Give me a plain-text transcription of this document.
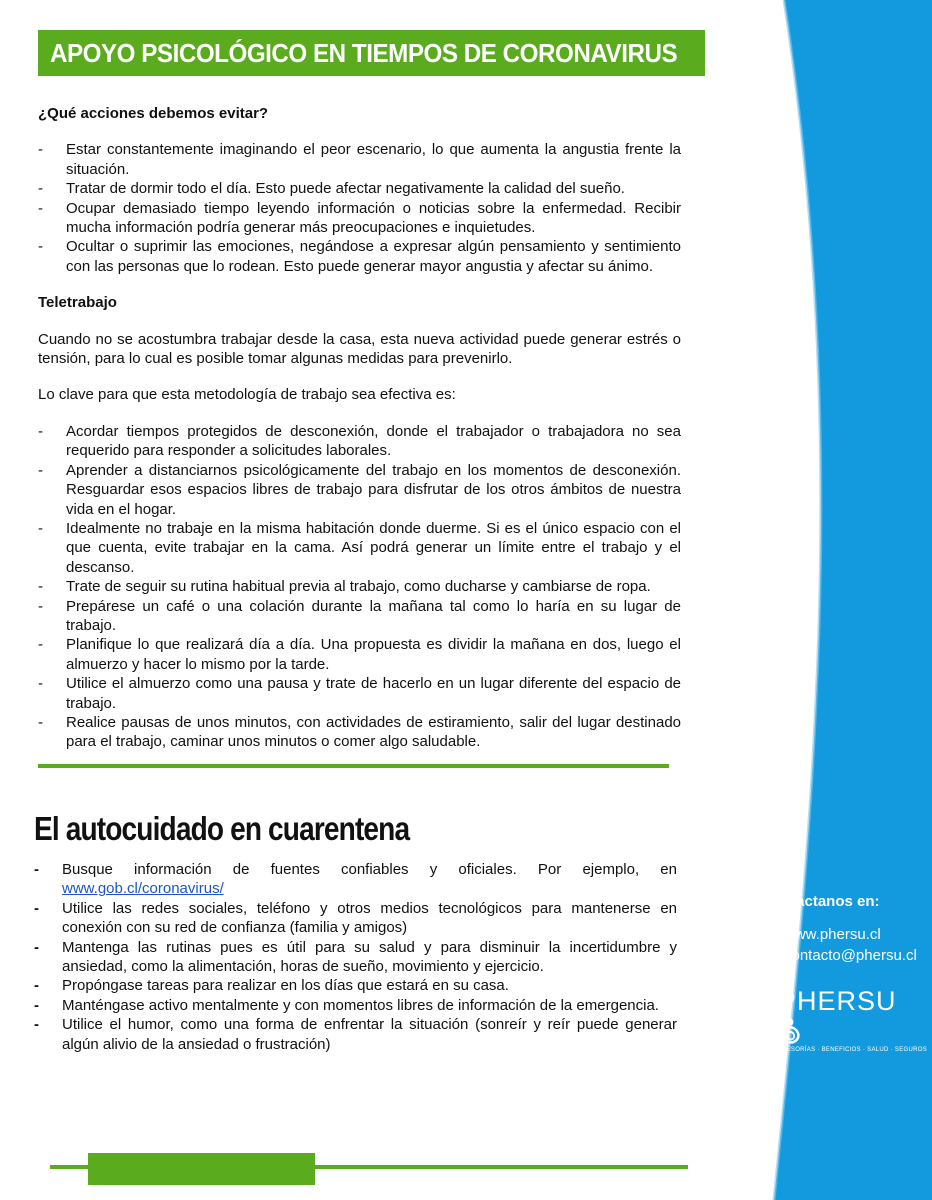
APOYO PSICOLÓGICO EN TIEMPOS DE CORONAVIRUS
¿Qué acciones debemos evitar?
- Estar constantemente imaginando el peor escenario, lo que aumenta la angustia frente la situación.
- Tratar de dormir todo el día. Esto puede afectar negativamente la calidad del sueño.
- Ocupar demasiado tiempo leyendo información o noticias sobre la enfermedad. Recibir mucha información podría generar más preocupaciones e inquietudes.
- Ocultar o suprimir las emociones, negándose a expresar algún pensamiento y sentimiento con las personas que lo rodean. Esto puede generar mayor angustia y afectar su ánimo.
Teletrabajo

Cuando no se acostumbra trabajar desde la casa, esta nueva actividad puede generar estrés o tensión, para lo cual es posible tomar algunas medidas para prevenirlo.

Lo clave para que esta metodología de trabajo sea efectiva es:

- Acordar tiempos protegidos de desconexión, donde el trabajador o trabajadora no sea requerido para responder a solicitudes laborales.
- Aprender a distanciarnos psicológicamente del trabajo en los momentos de desconexión. Resguardar esos espacios libres de trabajo para disfrutar de los otros ámbitos de nuestra vida en el hogar.
- Idealmente no trabaje en la misma habitación donde duerme. Si es el único espacio con el que cuenta, evite trabajar en la cama. Así podrá generar un límite entre el trabajo y el descanso.
- Trate de seguir su rutina habitual previa al trabajo, como ducharse y cambiarse de ropa.
- Prepárese un café o una colación durante la mañana tal como lo haría en su lugar de trabajo.
- Planifique lo que realizará día a día. Una propuesta es dividir la mañana en dos, luego el almuerzo y hacer lo mismo por la tarde.
- Utilice el almuerzo como una pausa y trate de hacerlo en un lugar diferente del espacio de trabajo.
- Realice pausas de unos minutos, con actividades de estiramiento, salir del lugar destinado para el trabajo, caminar unos minutos o comer algo saludable.
El autocuidado en cuarentena
- Busque información de fuentes confiables y oficiales. Por ejemplo, en www.gob.cl/coronavirus/
- Utilice las redes sociales, teléfono y otros medios tecnológicos para mantenerse en conexión con su red de confianza (familia y amigos)
- Mantenga las rutinas pues es útil para su salud y para disminuir la incertidumbre y ansiedad, como la alimentación, horas de sueño, movimiento y ejercicio.
- Propóngase tareas para realizar en los días que estará en su casa.
- Manténgase activo mentalmente y con momentos libres de información de la emergencia.
- Utilice el humor, como una forma de enfrentar la situación (sonreír y reír puede generar algún alivio de la ansiedad o frustración)
Contáctanos en:
www.phersu.cl
contacto@phersu.cl
PHERSU
ASESORÍAS · BENEFICIOS · SALUD · SEGUROS
